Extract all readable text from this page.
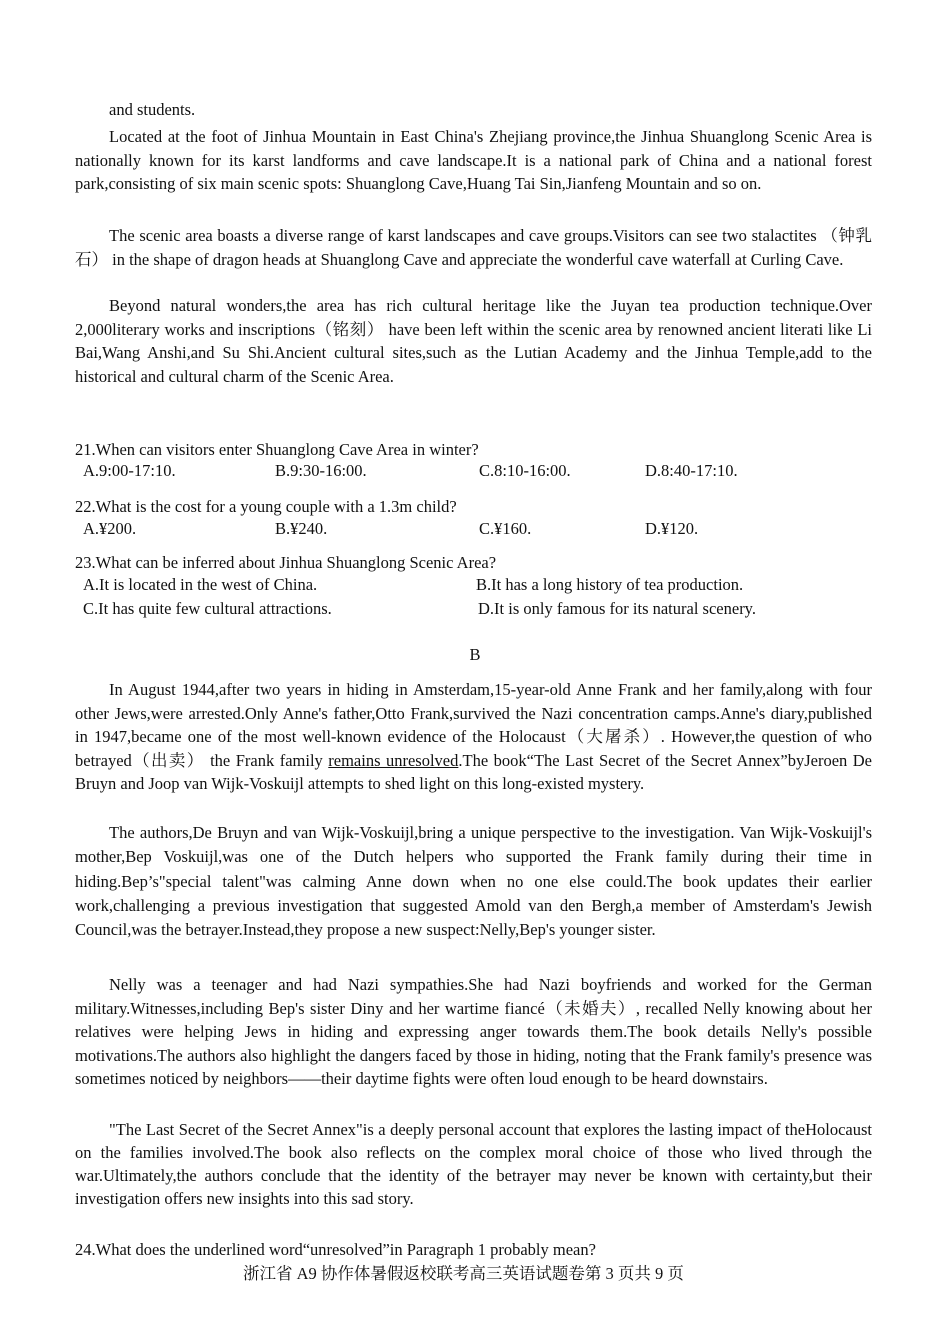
and students.

Located at the foot of Jinhua Mountain in East China's Zhejiang province,the Jinhua Shuanglong Scenic Area is nationally known for its karst landforms and cave landscape.It is a national park of China and a national forest park,consisting of six main scenic spots: Shuanglong Cave,Huang Tai Sin,Jianfeng Mountain and so on.

The scenic area boasts a diverse range of karst landscapes and cave groups.Visitors can see two stalactites （钟乳石） in the shape of dragon heads at Shuanglong Cave and appreciate the wonderful cave waterfall at Curling Cave.

Beyond natural wonders,the area has rich cultural heritage like the Juyan tea production technique.Over 2,000literary works and inscriptions（铭刻） have been left within the scenic area by renowned ancient literati like Li Bai,Wang Anshi,and Su Shi.Ancient cultural sites,such as the Lutian Academy and the Jinhua Temple,add to the historical and cultural charm of the Scenic Area.

21.When can visitors enter Shuanglong Cave Area in winter?

A.9:00-17:10.	B.9:30-16:00.	C.8:10-16:00.	D.8:40-17:10.

22.What is the cost for a young couple with a 1.3m child?

A.¥200.	B.¥240.	C.¥160.	D.¥120.

23.What can be inferred about Jinhua Shuanglong Scenic Area?

A.It is located in the west of China.	B.It has a long history of tea production.
C.It has quite few cultural attractions.	D.It is only famous for its natural scenery.
B

In August 1944,after two years in hiding in Amsterdam,15-year-old Anne Frank and her family,along with four other Jews,were arrested.Only Anne's father,Otto Frank,survived the Nazi concentration camps.Anne's diary,published in 1947,became one of the most well-known evidence of the Holocaust（大屠杀）. However,the question of who betrayed（出卖） the Frank family remains unresolved.The book“The Last Secret of the Secret Annex”byJeroen De Bruyn and Joop van Wijk-Voskuijl attempts to shed light on this long-existed mystery.

The authors,De Bruyn and van Wijk-Voskuijl,bring a unique perspective to the investigation. Van Wijk-Voskuijl's mother,Bep Voskuijl,was one of the Dutch helpers who supported the Frank family during their time in hiding.Bep’s"special talent"was calming Anne down when no one else could.The book updates their earlier work,challenging a previous investigation that suggested Amold van den Bergh,a member of Amsterdam's Jewish Council,was the betrayer.Instead,they propose a new suspect:Nelly,Bep's younger sister.

Nelly was a teenager and had Nazi sympathies.She had Nazi boyfriends and worked for the German military.Witnesses,including Bep's sister Diny and her wartime fiancé（未婚夫）, recalled Nelly knowing about her relatives were helping Jews in hiding and expressing anger towards them.The book details Nelly's possible motivations.The authors also highlight the dangers faced by those in hiding, noting that the Frank family's presence was sometimes noticed by neighbors——their daytime fights were often loud enough to be heard downstairs.

"The Last Secret of the Secret Annex"is a deeply personal account that explores the lasting impact of theHolocaust on the families involved.The book also reflects on the complex moral choice of those who lived through the war.Ultimately,the authors conclude that the identity of the betrayer may never be known with certainty,but their investigation offers new insights into this sad story.

24.What does the underlined word“unresolved”in Paragraph 1 probably mean?

浙江省 A9 协作体暑假返校联考高三英语试题卷第 3 页共 9 页
